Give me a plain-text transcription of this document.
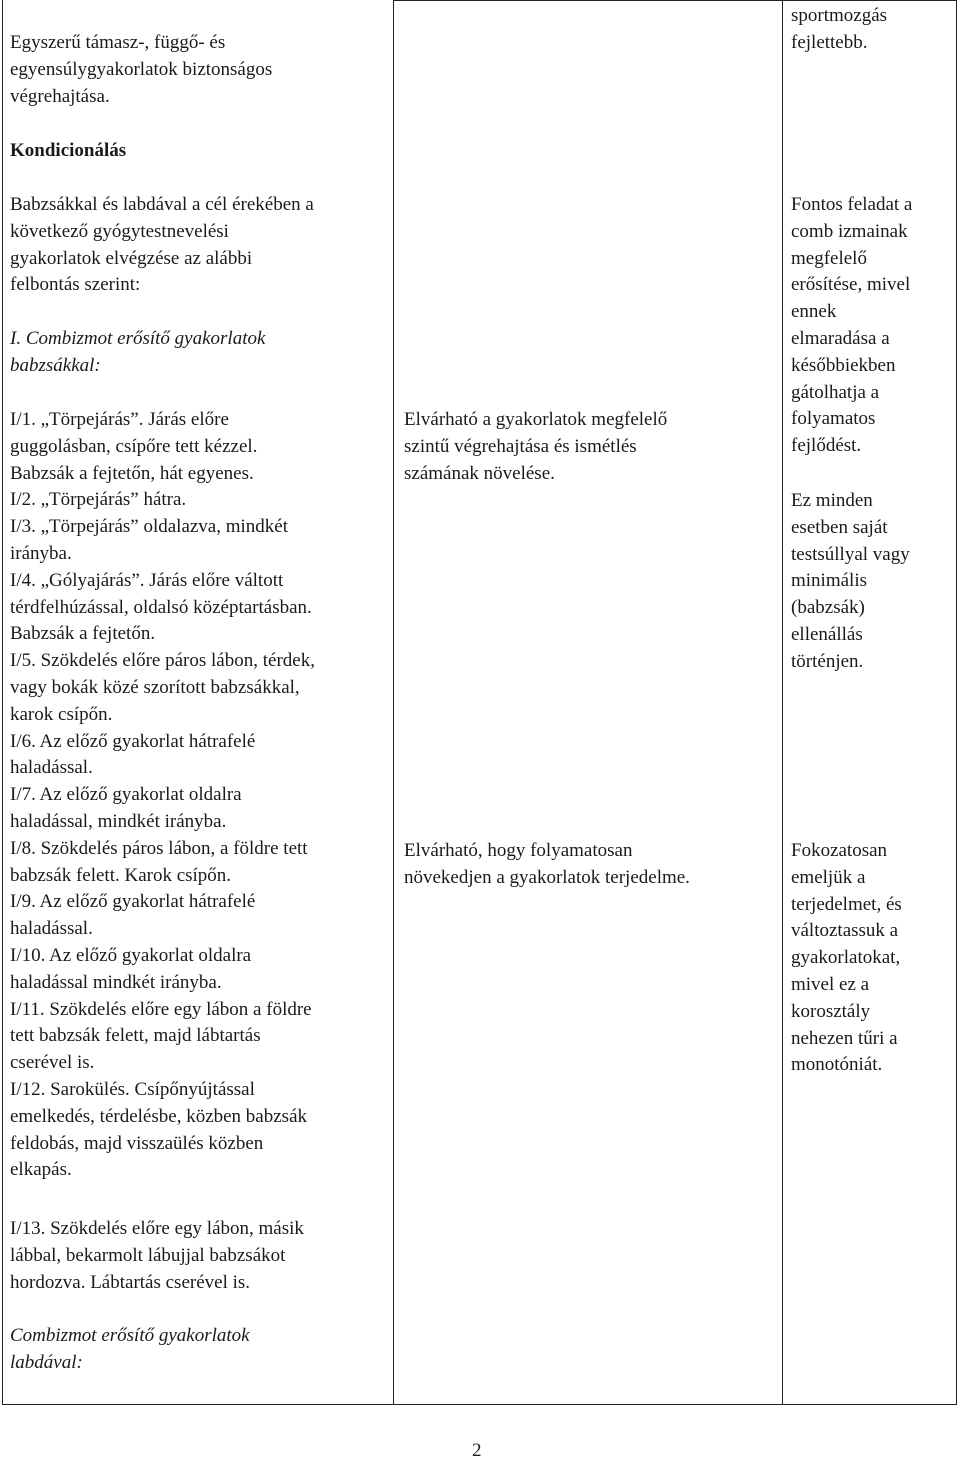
Egyszerű támasz-, függő- és
egyensúlygyakorlatok biztonságos
végrehajtása.
Kondicionálás
Babzsákkal és labdával a cél érekében a
következő gyógytestnevelési
gyakorlatok elvégzése az alábbi
felbontás szerint:
I. Combizmot erősítő gyakorlatok
babzsákkal:
I/1. „Törpejárás”. Járás előre
guggolásban, csípőre tett kézzel.
Babzsák a fejtetőn, hát egyenes.
I/2. „Törpejárás” hátra.
I/3. „Törpejárás” oldalazva, mindkét
irányba.
I/4. „Gólyajárás”. Járás előre váltott
térdfelhúzással, oldalsó középtartásban.
Babzsák a fejtetőn.
I/5. Szökdelés előre páros lábon, térdek,
vagy bokák közé szorított babzsákkal,
karok csípőn.
I/6. Az előző gyakorlat hátrafelé
haladással.
I/7. Az előző gyakorlat oldalra
haladással, mindkét irányba.
I/8. Szökdelés páros lábon, a földre tett
babzsák felett. Karok csípőn.
I/9. Az előző gyakorlat hátrafelé
haladással.
I/10. Az előző gyakorlat oldalra
haladással mindkét irányba.
I/11. Szökdelés előre egy lábon a földre
tett babzsák felett, majd lábtartás
cserével is.
I/12. Sarokülés. Csípőnyújtással
emelkedés, térdelésbe, közben babzsák
feldobás, majd visszaülés közben
elkapás.
I/13. Szökdelés előre egy lábon, másik
lábbal, bekarmolt lábujjal babzsákot
hordozva. Lábtartás cserével is.
Combizmot erősítő gyakorlatok
labdával:
Elvárható a gyakorlatok megfelelő
szintű végrehajtása és ismétlés
számának növelése.
Elvárható, hogy folyamatosan
növekedjen a gyakorlatok terjedelme.
sportmozgás
fejlettebb.
Fontos feladat a
comb izmainak
megfelelő
erősítése, mivel
ennek
elmaradása a
későbbiekben
gátolhatja a
folyamatos
fejlődést.
Ez minden
esetben saját
testsúllyal vagy
minimális
(babzsák)
ellenállás
történjen.
Fokozatosan
emeljük a
terjedelmet, és
változtassuk a
gyakorlatokat,
mivel ez a
korosztály
nehezen tűri a
monotóniát.
2
